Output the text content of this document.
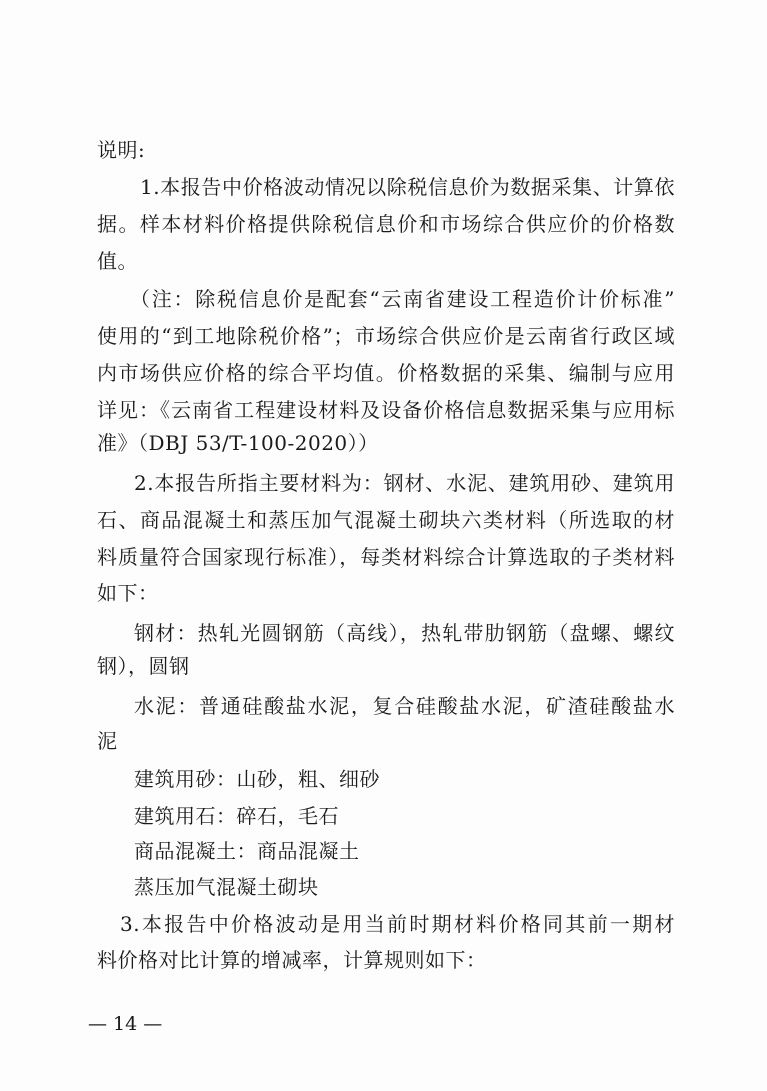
说明:
1.本报告中价格波动情况以除税信息价为数据采集、计算依
据。样本材料价格提供除税信息价和市场综合供应价的价格数
值。
（注：除税信息价是配套“云南省建设工程造价计价标准”
使用的“到工地除税价格”；市场综合供应价是云南省行政区域
内市场供应价格的综合平均值。价格数据的采集、编制与应用
详见：《云南省工程建设材料及设备价格信息数据采集与应用标
准》（DBJ 53/T-100-2020））
2.本报告所指主要材料为：钢材、水泥、建筑用砂、建筑用
石、商品混凝土和蒸压加气混凝土砌块六类材料（所选取的材
料质量符合国家现行标准），每类材料综合计算选取的子类材料
如下：
钢材：热轧光圆钢筋（高线），热轧带肋钢筋（盘螺、螺纹
钢），圆钢
水泥：普通硅酸盐水泥，复合硅酸盐水泥，矿渣硅酸盐水
泥
建筑用砂：山砂，粗、细砂
建筑用石：碎石，毛石
商品混凝土：商品混凝土
蒸压加气混凝土砌块
3.本报告中价格波动是用当前时期材料价格同其前一期材
料价格对比计算的增减率，计算规则如下：
— 14 —
